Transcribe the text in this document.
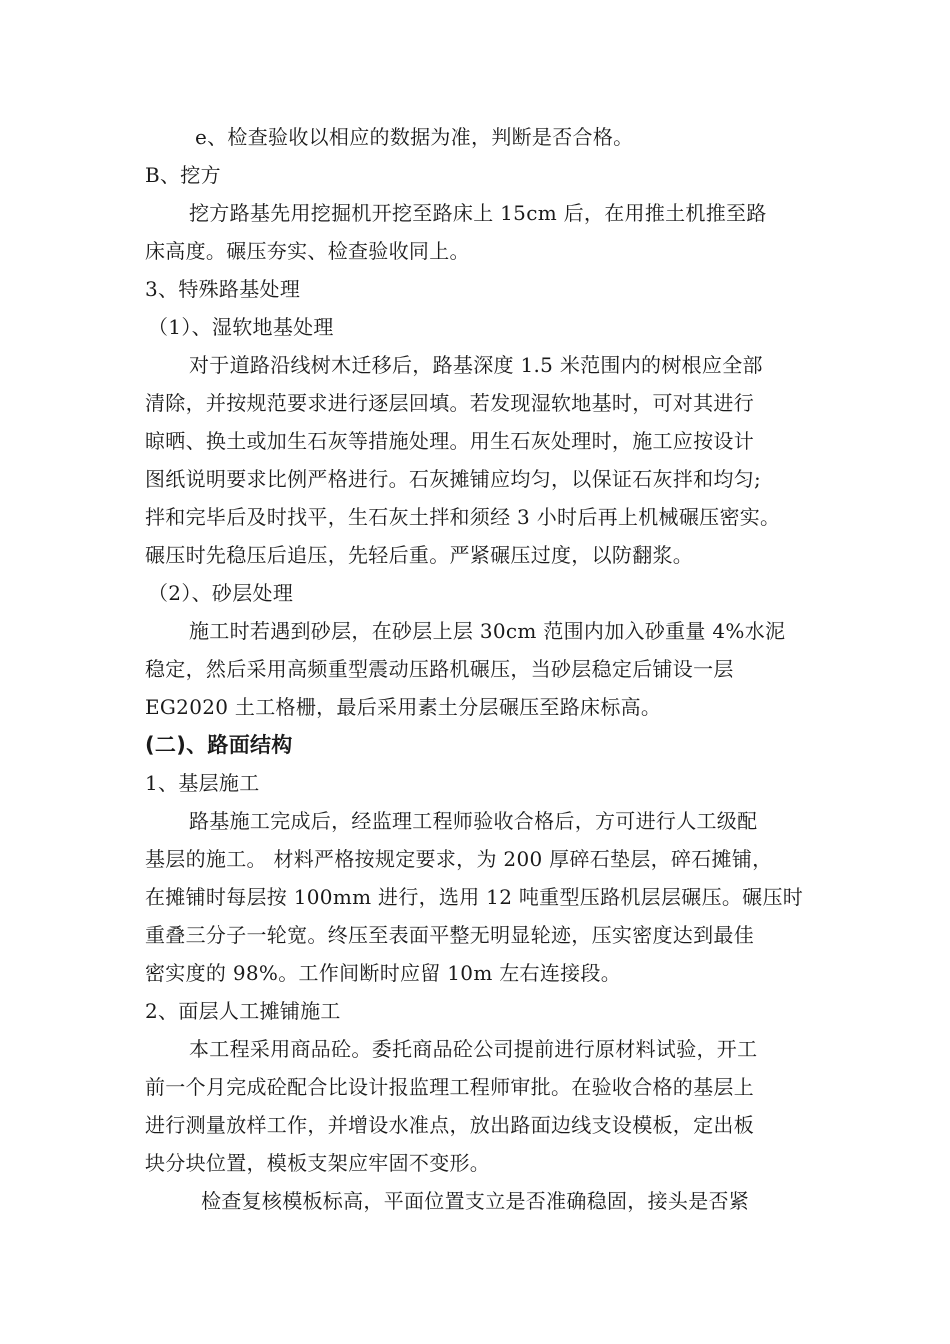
e、检查验收以相应的数据为准，判断是否合格。
B、挖方
挖方路基先用挖掘机开挖至路床上 15cm 后，在用推土机推至路
床高度。碾压夯实、检查验收同上。
3、特殊路基处理
（1）、湿软地基处理
对于道路沿线树木迁移后，路基深度 1.5 米范围内的树根应全部
清除，并按规范要求进行逐层回填。若发现湿软地基时，可对其进行
晾晒、换土或加生石灰等措施处理。用生石灰处理时，施工应按设计
图纸说明要求比例严格进行。石灰摊铺应均匀，以保证石灰拌和均匀;
拌和完毕后及时找平，生石灰土拌和须经 3 小时后再上机械碾压密实。
碾压时先稳压后追压，先轻后重。严紧碾压过度，以防翻浆。
（2）、砂层处理
施工时若遇到砂层，在砂层上层 30cm 范围内加入砂重量 4%水泥
稳定，然后采用高频重型震动压路机碾压，当砂层稳定后铺设一层
EG2020 土工格栅，最后采用素土分层碾压至路床标高。
(二)、路面结构
1、基层施工
路基施工完成后，经监理工程师验收合格后，方可进行人工级配
基层的施工。 材料严格按规定要求，为 200 厚碎石垫层，碎石摊铺，
在摊铺时每层按 100mm 进行，选用 12 吨重型压路机层层碾压。碾压时
重叠三分子一轮宽。终压至表面平整无明显轮迹，压实密度达到最佳
密实度的 98%。工作间断时应留 10m 左右连接段。
2、面层人工摊铺施工
本工程采用商品砼。委托商品砼公司提前进行原材料试验，开工
前一个月完成砼配合比设计报监理工程师审批。在验收合格的基层上
进行测量放样工作，并增设水准点，放出路面边线支设模板，定出板
块分块位置，模板支架应牢固不变形。
检查复核模板标高，平面位置支立是否准确稳固，接头是否紧
